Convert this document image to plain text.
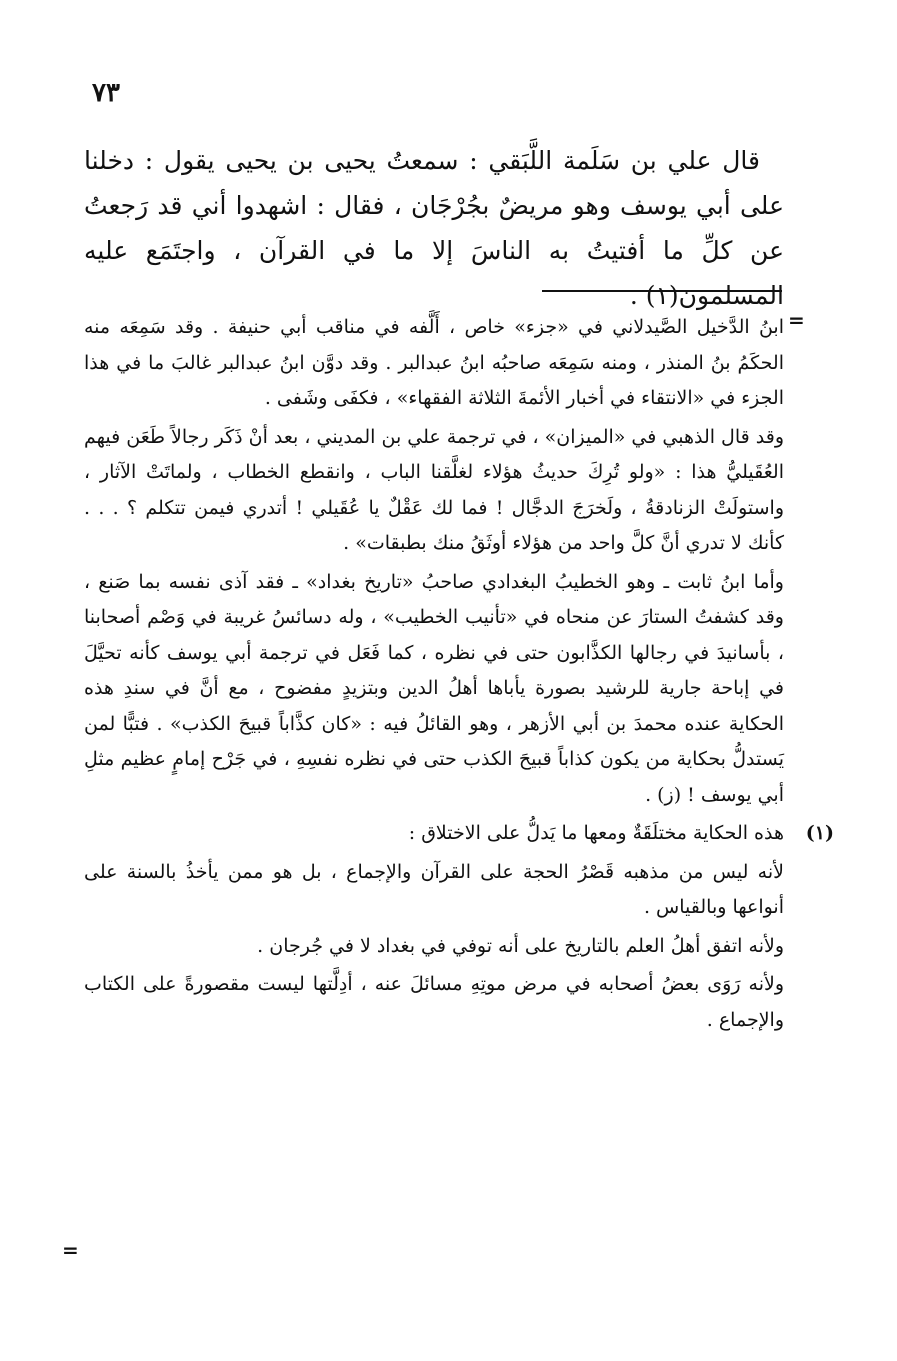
٧٣

قال علي بن سَلَمة اللَّبَقي : سمعتُ يحيى بن يحيى يقول : دخلنا على أبي يوسف وهو مريضٌ بجُرْجَان ، فقال : اشهدوا أني قد رَجعتُ عن كلِّ ما أفتيتُ به الناسَ إلا ما في القرآن ، واجتَمَع عليه المسلمون(١) .

=

ابنُ الدَّخيل الصَّيدلاني في «جزء» خاص ، أَلَّفه في مناقب أبي حنيفة . وقد سَمِعَه منه الحكَمُ بنُ المنذر ، ومنه سَمِعَه صاحبُه ابنُ عبدالبر . وقد دوَّن ابنُ عبدالبر غالبَ ما في هذا الجزء في «الانتقاء في أخبار الأئمةَ الثلاثة الفقهاء» ، فكفَى وشَفى .

وقد قال الذهبي في «الميزان» ، في ترجمة علي بن المديني ، بعد أنْ ذَكَر رجالاً طَعَن فيهم العُقَيليُّ هذا : «ولو تُرِكَ حديثُ هؤلاء لغلَّقنا الباب ، وانقطع الخطاب ، ولماتَتْ الآثار ، واستولَتْ الزنادقةُ ، ولَخرَجَ الدجَّال ! فما لك عَقْلٌ يا عُقَيلي ! أتدري فيمن تتكلم ؟ . . . كأنك لا تدري أنَّ كلَّ واحد من هؤلاء أوثَقُ منك بطبقات» .

وأما ابنُ ثابت ـ وهو الخطيبُ البغدادي صاحبُ «تاريخ بغداد» ـ فقد آذى نفسه بما صَنع ، وقد كشفتُ الستارَ عن منحاه في «تأنيب الخطيب» ، وله دسائسُ غريبة في وَصْم أصحابنا ، بأسانيدَ في رجالها الكذَّابون حتى في نظره ، كما فَعَل في ترجمة أبي يوسف كأنه تحيَّلَ في إباحة جارية للرشيد بصورة يأباها أهلُ الدين وبتزيدٍ مفضوح ، مع أنَّ في سندِ هذه الحكاية عنده محمدَ بن أبي الأزهر ، وهو القائلُ فيه : «كان كذَّاباً قبيحَ الكذب» . فتبًّا لمن يَستدلُّ بحكاية من يكون كذاباً قبيحَ الكذب حتى في نظره نفسِهِ ، في جَرْح إمامٍ عظيم مثلِ أبي يوسف ! (ز) .

(١)

هذه الحكاية مختلَقَةٌ ومعها ما يَدلُّ على الاختلاق :

لأنه ليس من مذهبه قَصْرُ الحجة على القرآن والإجماع ، بل هو ممن يأخذُ بالسنة على أنواعها وبالقياس .

ولأنه اتفق أهلُ العلم بالتاريخ على أنه توفي في بغداد لا في جُرجان .

ولأنه رَوَى بعضُ أصحابه في مرض موتِهِ مسائلَ عنه ، أدِلَّتها ليست مقصورةً على الكتاب والإجماع .

=
